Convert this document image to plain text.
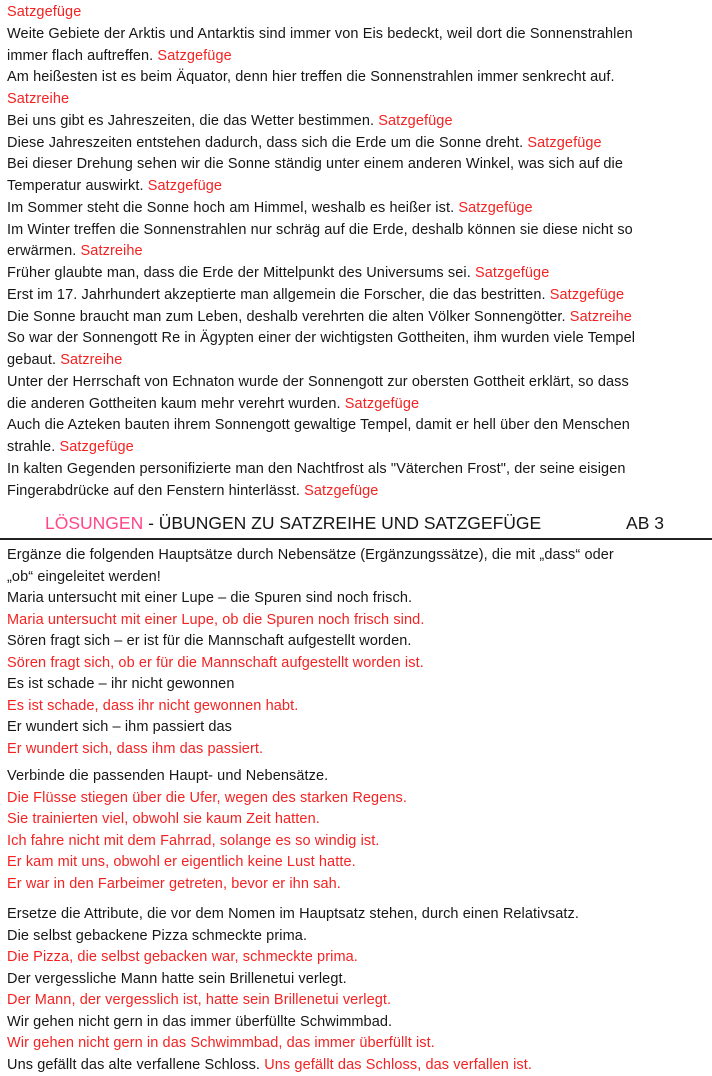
Satzgefüge
Weite Gebiete der Arktis und Antarktis sind immer von Eis bedeckt, weil dort die Sonnenstrahlen
immer flach auftreffen. Satzgefüge
Am heißesten ist es beim Äquator, denn hier treffen die Sonnenstrahlen immer senkrecht auf.
Satzreihe
Bei uns gibt es Jahreszeiten, die das Wetter bestimmen. Satzgefüge
Diese Jahreszeiten entstehen dadurch, dass sich die Erde um die Sonne dreht. Satzgefüge
Bei dieser Drehung sehen wir die Sonne ständig unter einem anderen Winkel, was sich auf die
Temperatur auswirkt. Satzgefüge
Im Sommer steht die Sonne hoch am Himmel, weshalb es heißer ist. Satzgefüge
Im Winter treffen die Sonnenstrahlen nur schräg auf die Erde, deshalb können sie diese nicht so
erwärmen. Satzreihe
Früher glaubte man, dass die Erde der Mittelpunkt des Universums sei. Satzgefüge
Erst im 17. Jahrhundert akzeptierte man allgemein die Forscher, die das bestritten. Satzgefüge
Die Sonne braucht man zum Leben, deshalb verehrten die alten Völker Sonnengötter. Satzreihe
So war der Sonnengott Re in Ägypten einer der wichtigsten Gottheiten, ihm wurden viele Tempel
gebaut. Satzreihe
Unter der Herrschaft von Echnaton wurde der Sonnengott zur obersten Gottheit erklärt, so dass
die anderen Gottheiten kaum mehr verehrt wurden. Satzgefüge
Auch die Azteken bauten ihrem Sonnengott gewaltige Tempel, damit er hell über den Menschen
strahle. Satzgefüge
In kalten Gegenden personifizierte man den Nachtfrost als "Väterchen Frost", der seine eisigen
Fingerabdrücke auf den Fenstern hinterlässt. Satzgefüge
LÖSUNGEN - ÜBUNGEN ZU SATZREIHE UND SATZGEFÜGE	AB 3
Ergänze die folgenden Hauptsätze durch Nebensätze (Ergänzungssätze), die mit „dass“ oder
„ob“ eingeleitet werden!
Maria untersucht mit einer Lupe – die Spuren sind noch frisch.
Maria untersucht mit einer Lupe, ob die Spuren noch frisch sind.
Sören fragt sich – er ist für die Mannschaft aufgestellt worden.
Sören fragt sich, ob er für die Mannschaft aufgestellt worden ist.
Es ist schade – ihr nicht gewonnen
Es ist schade, dass ihr nicht gewonnen habt.
Er wundert sich – ihm passiert das
Er wundert sich, dass ihm das passiert.
Verbinde die passenden Haupt- und Nebensätze.
Die Flüsse stiegen über die Ufer, wegen des starken Regens.
Sie trainierten viel, obwohl sie kaum Zeit hatten.
Ich fahre nicht mit dem Fahrrad, solange es so windig ist.
Er kam mit uns, obwohl er eigentlich keine Lust hatte.
Er war in den Farbeimer getreten, bevor er ihn sah.
Ersetze die Attribute, die vor dem Nomen im Hauptsatz stehen, durch einen Relativsatz.
Die selbst gebackene Pizza schmeckte prima.
Die Pizza, die selbst gebacken war, schmeckte prima.
Der vergessliche Mann hatte sein Brillenetui verlegt.
Der Mann, der vergesslich ist, hatte sein Brillenetui verlegt.
Wir gehen nicht gern in das immer überfüllte Schwimmbad.
Wir gehen nicht gern in das Schwimmbad, das immer überfüllt ist.
Uns gefällt das alte verfallene Schloss. Uns gefällt das Schloss, das verfallen ist.
